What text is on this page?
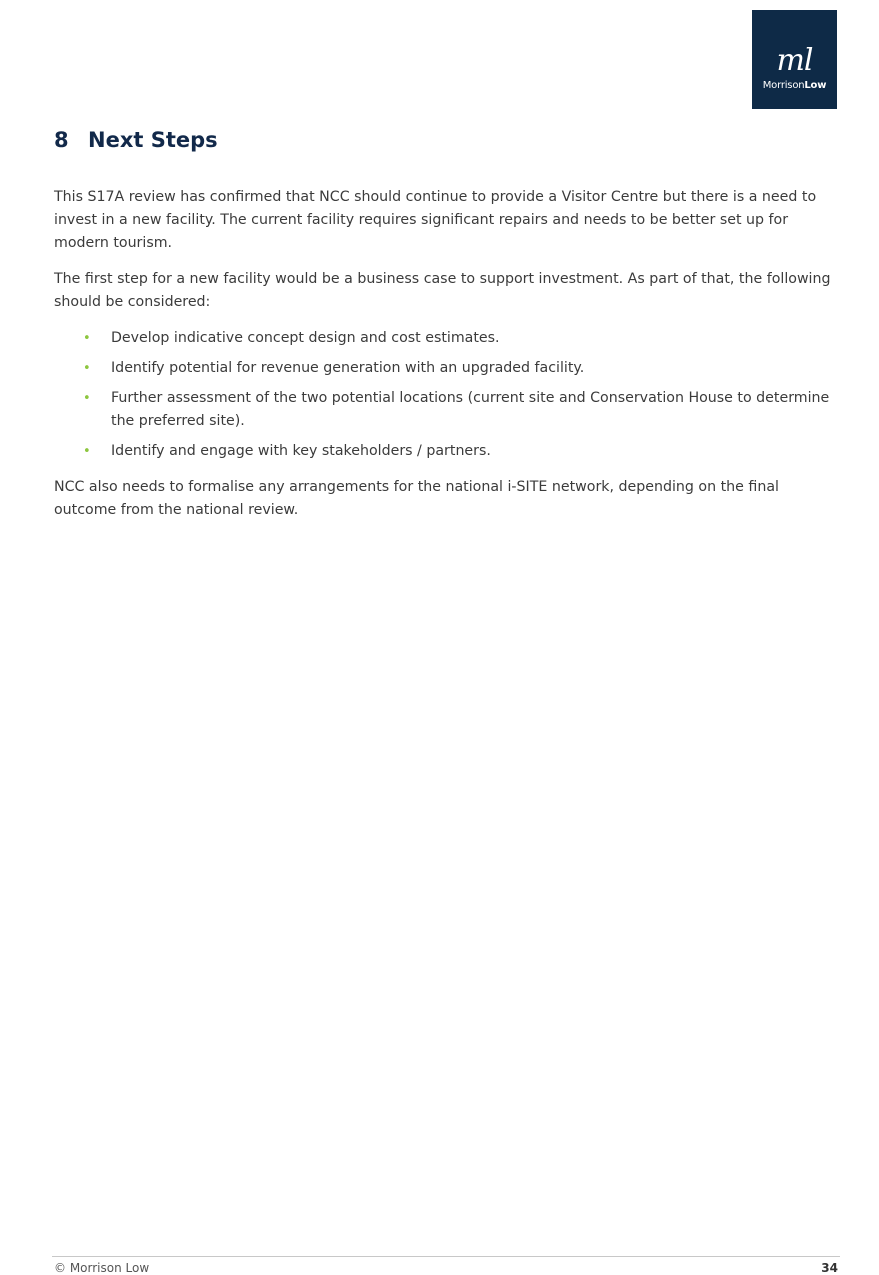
ml
MorrisonLow
8 Next Steps

This S17A review has confirmed that NCC should continue to provide a Visitor Centre but there is a need to invest in a new facility. The current facility requires significant repairs and needs to be better set up for modern tourism.

The first step for a new facility would be a business case to support investment. As part of that, the following should be considered:

• Develop indicative concept design and cost estimates.
• Identify potential for revenue generation with an upgraded facility.
• Further assessment of the two potential locations (current site and Conservation House to determine the preferred site).
• Identify and engage with key stakeholders / partners.

NCC also needs to formalise any arrangements for the national i-SITE network, depending on the final outcome from the national review.

© Morrison Low	34
